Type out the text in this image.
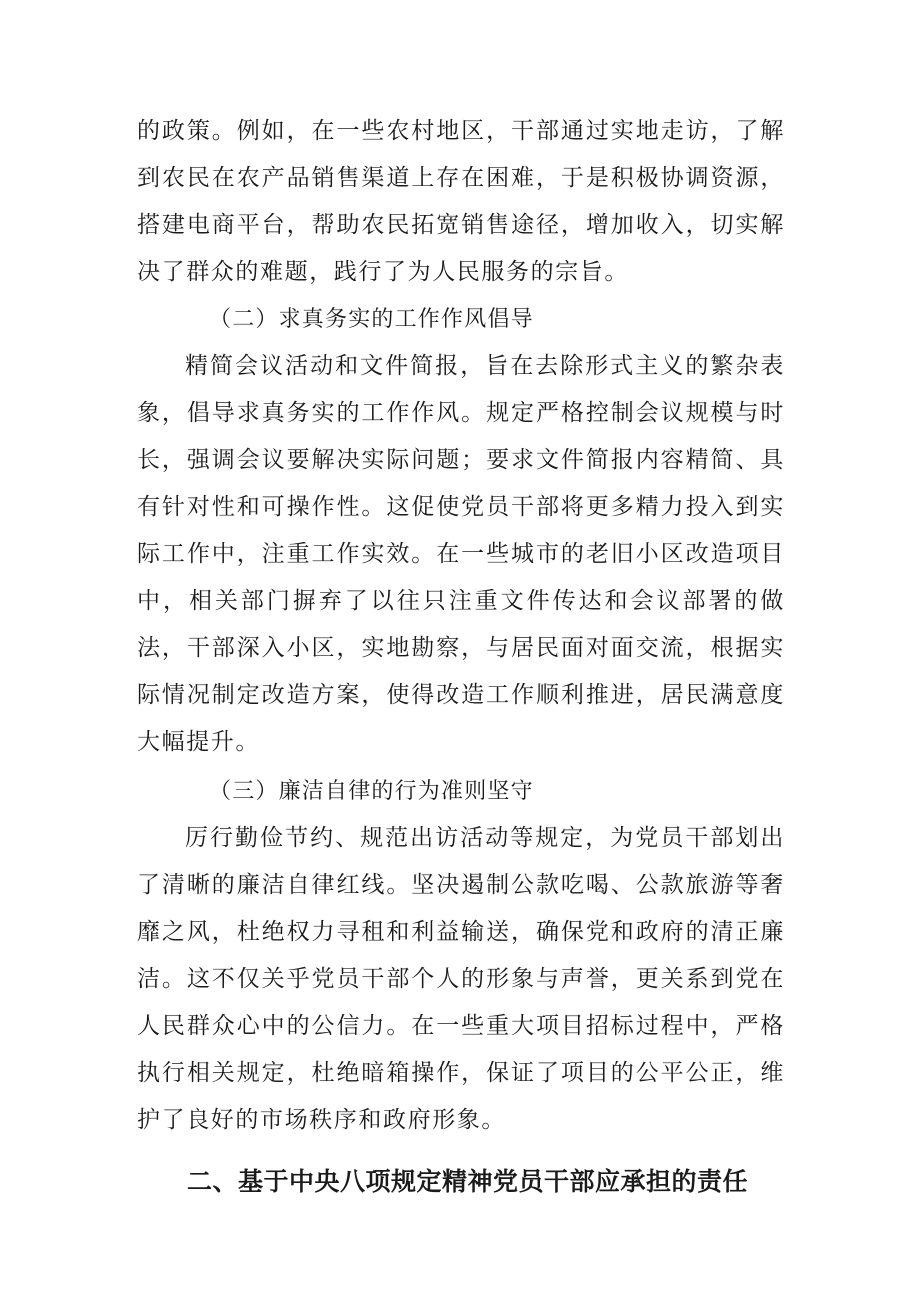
的政策。例如，在一些农村地区，干部通过实地走访，了解到农民在农产品销售渠道上存在困难，于是积极协调资源，搭建电商平台，帮助农民拓宽销售途径，增加收入，切实解决了群众的难题，践行了为人民服务的宗旨。

（二）求真务实的工作作风倡导

精简会议活动和文件简报，旨在去除形式主义的繁杂表象，倡导求真务实的工作作风。规定严格控制会议规模与时长，强调会议要解决实际问题；要求文件简报内容精简、具有针对性和可操作性。这促使党员干部将更多精力投入到实际工作中，注重工作实效。在一些城市的老旧小区改造项目中，相关部门摒弃了以往只注重文件传达和会议部署的做法，干部深入小区，实地勘察，与居民面对面交流，根据实际情况制定改造方案，使得改造工作顺利推进，居民满意度大幅提升。

（三）廉洁自律的行为准则坚守

厉行勤俭节约、规范出访活动等规定，为党员干部划出了清晰的廉洁自律红线。坚决遏制公款吃喝、公款旅游等奢靡之风，杜绝权力寻租和利益输送，确保党和政府的清正廉洁。这不仅关乎党员干部个人的形象与声誉，更关系到党在人民群众心中的公信力。在一些重大项目招标过程中，严格执行相关规定，杜绝暗箱操作，保证了项目的公平公正，维护了良好的市场秩序和政府形象。

二、基于中央八项规定精神党员干部应承担的责任
